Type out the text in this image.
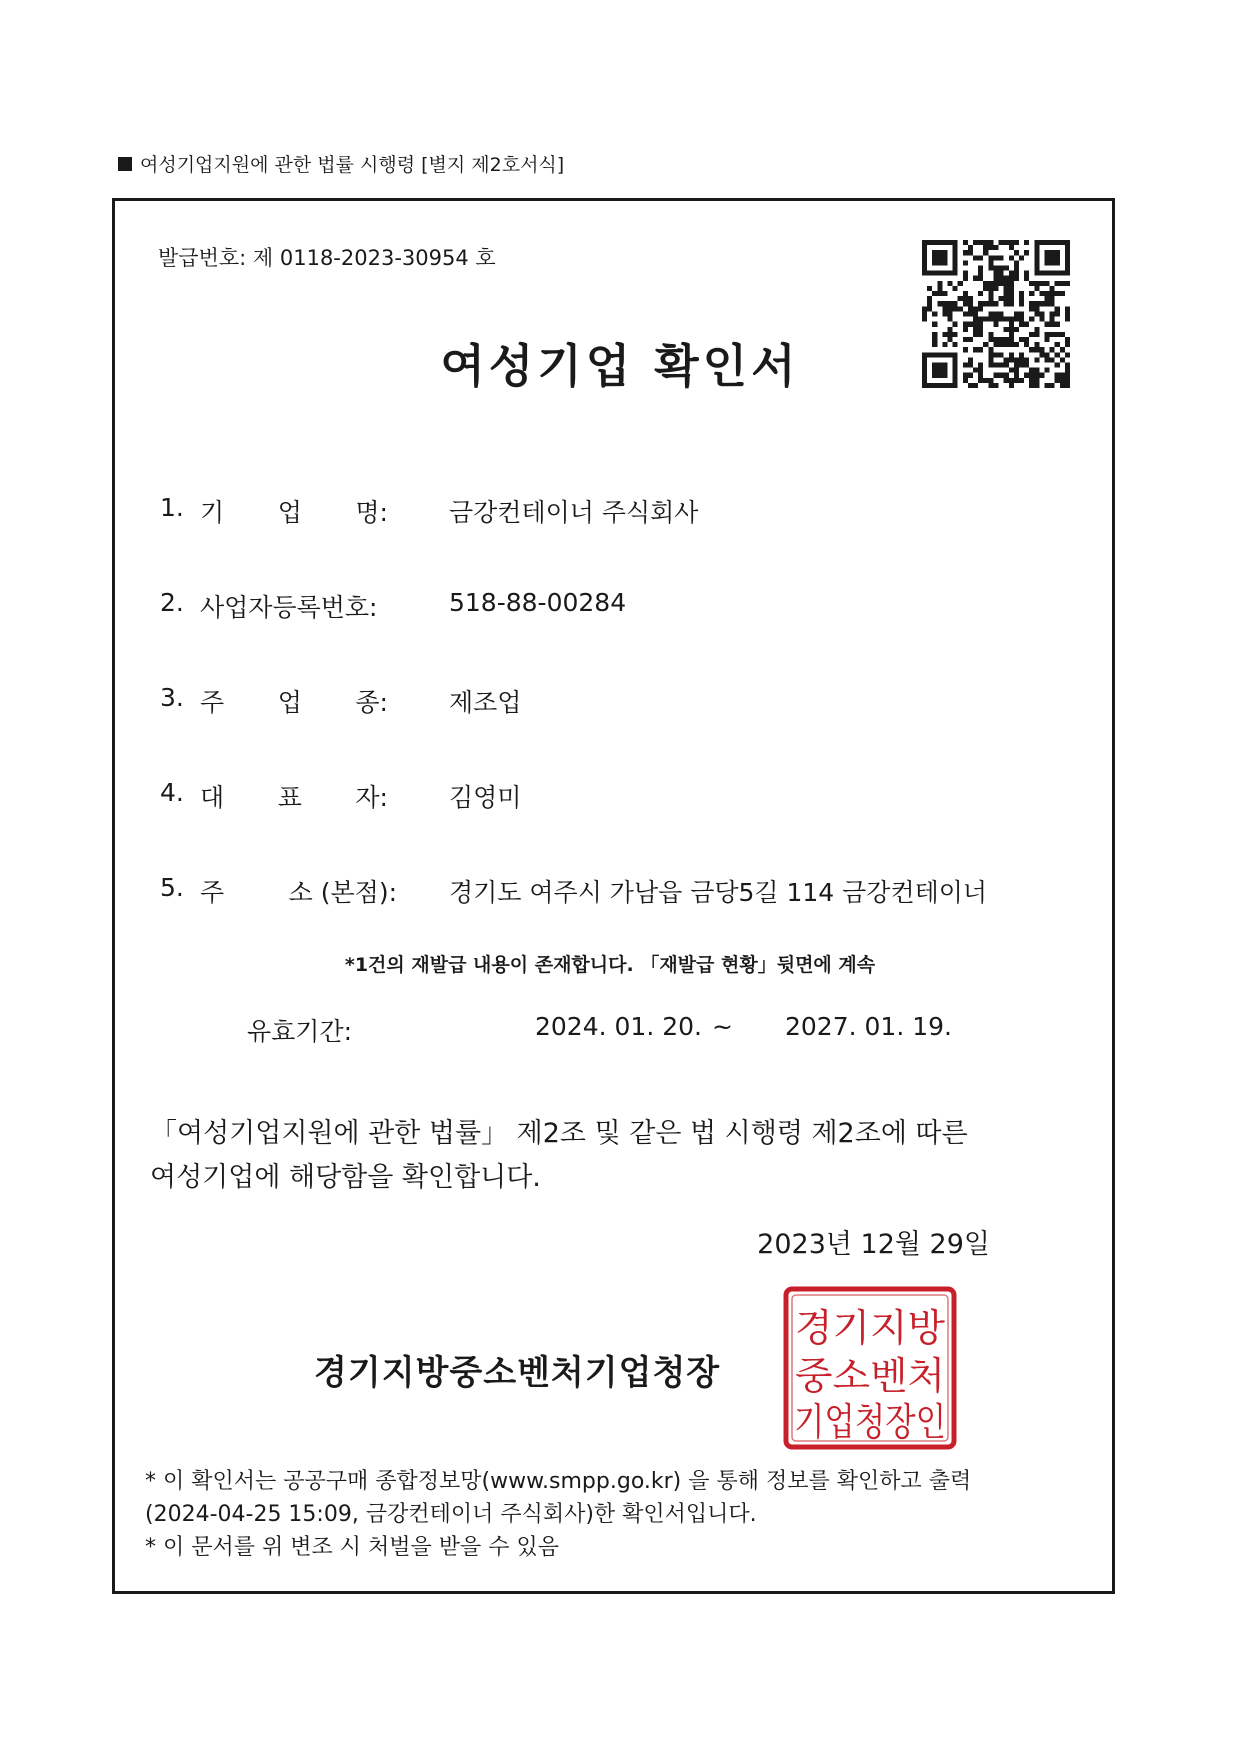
여성기업지원에 관한 법률 시행령 [별지 제2호서식]
발급번호: 제 0118-2023-30954 호
여성기업 확인서
1. 기 업 명: 금강컨테이너 주식회사
2. 사업자등록번호:	518-88-00284
3. 주 업 종: 제조업
4. 대 표 자: 김영미
5. 주	소 (본점): 경기도 여주시 가남읍 금당5길 114 금강컨테이너
*1건의 재발급 내용이 존재합니다. 「재발급 현황」뒷면에 계속
유효기간:	2024. 01. 20. ~ 2027. 01. 19.
「여성기업지원에 관한 법률」 제2조 및 같은 법 시행령 제2조에 따른
여성기업에 해당함을 확인합니다.
2023년 12월 29일
경기지방중소벤처기업청장
경기지방
중소벤처
기업청장인
* 이 확인서는 공공구매 종합정보망(www.smpp.go.kr) 을 통해 정보를 확인하고 출력
(2024-04-25 15:09, 금강컨테이너 주식회사)한 확인서입니다.
* 이 문서를 위 변조 시 처벌을 받을 수 있음
